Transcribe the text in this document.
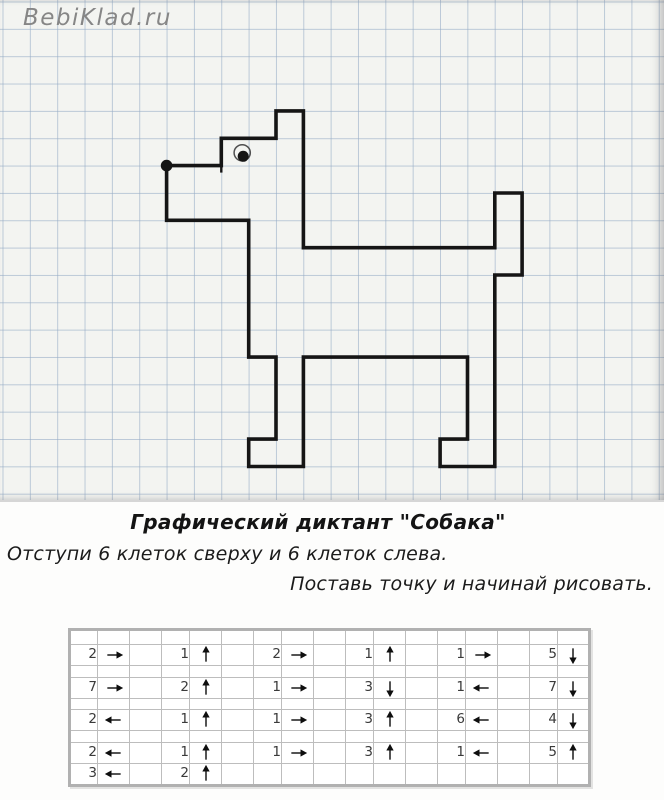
BebiKlad.ru
Графический диктант "Собака"

Отступи 6 клеток сверху и 6 клеток слева.

Поставь точку и начинай рисовать.

2			1			2			1			1			5	

7			2			1			3			1			7	

2			1			1			3			6			4	

2			1			1			3			1			5	

3			2	
